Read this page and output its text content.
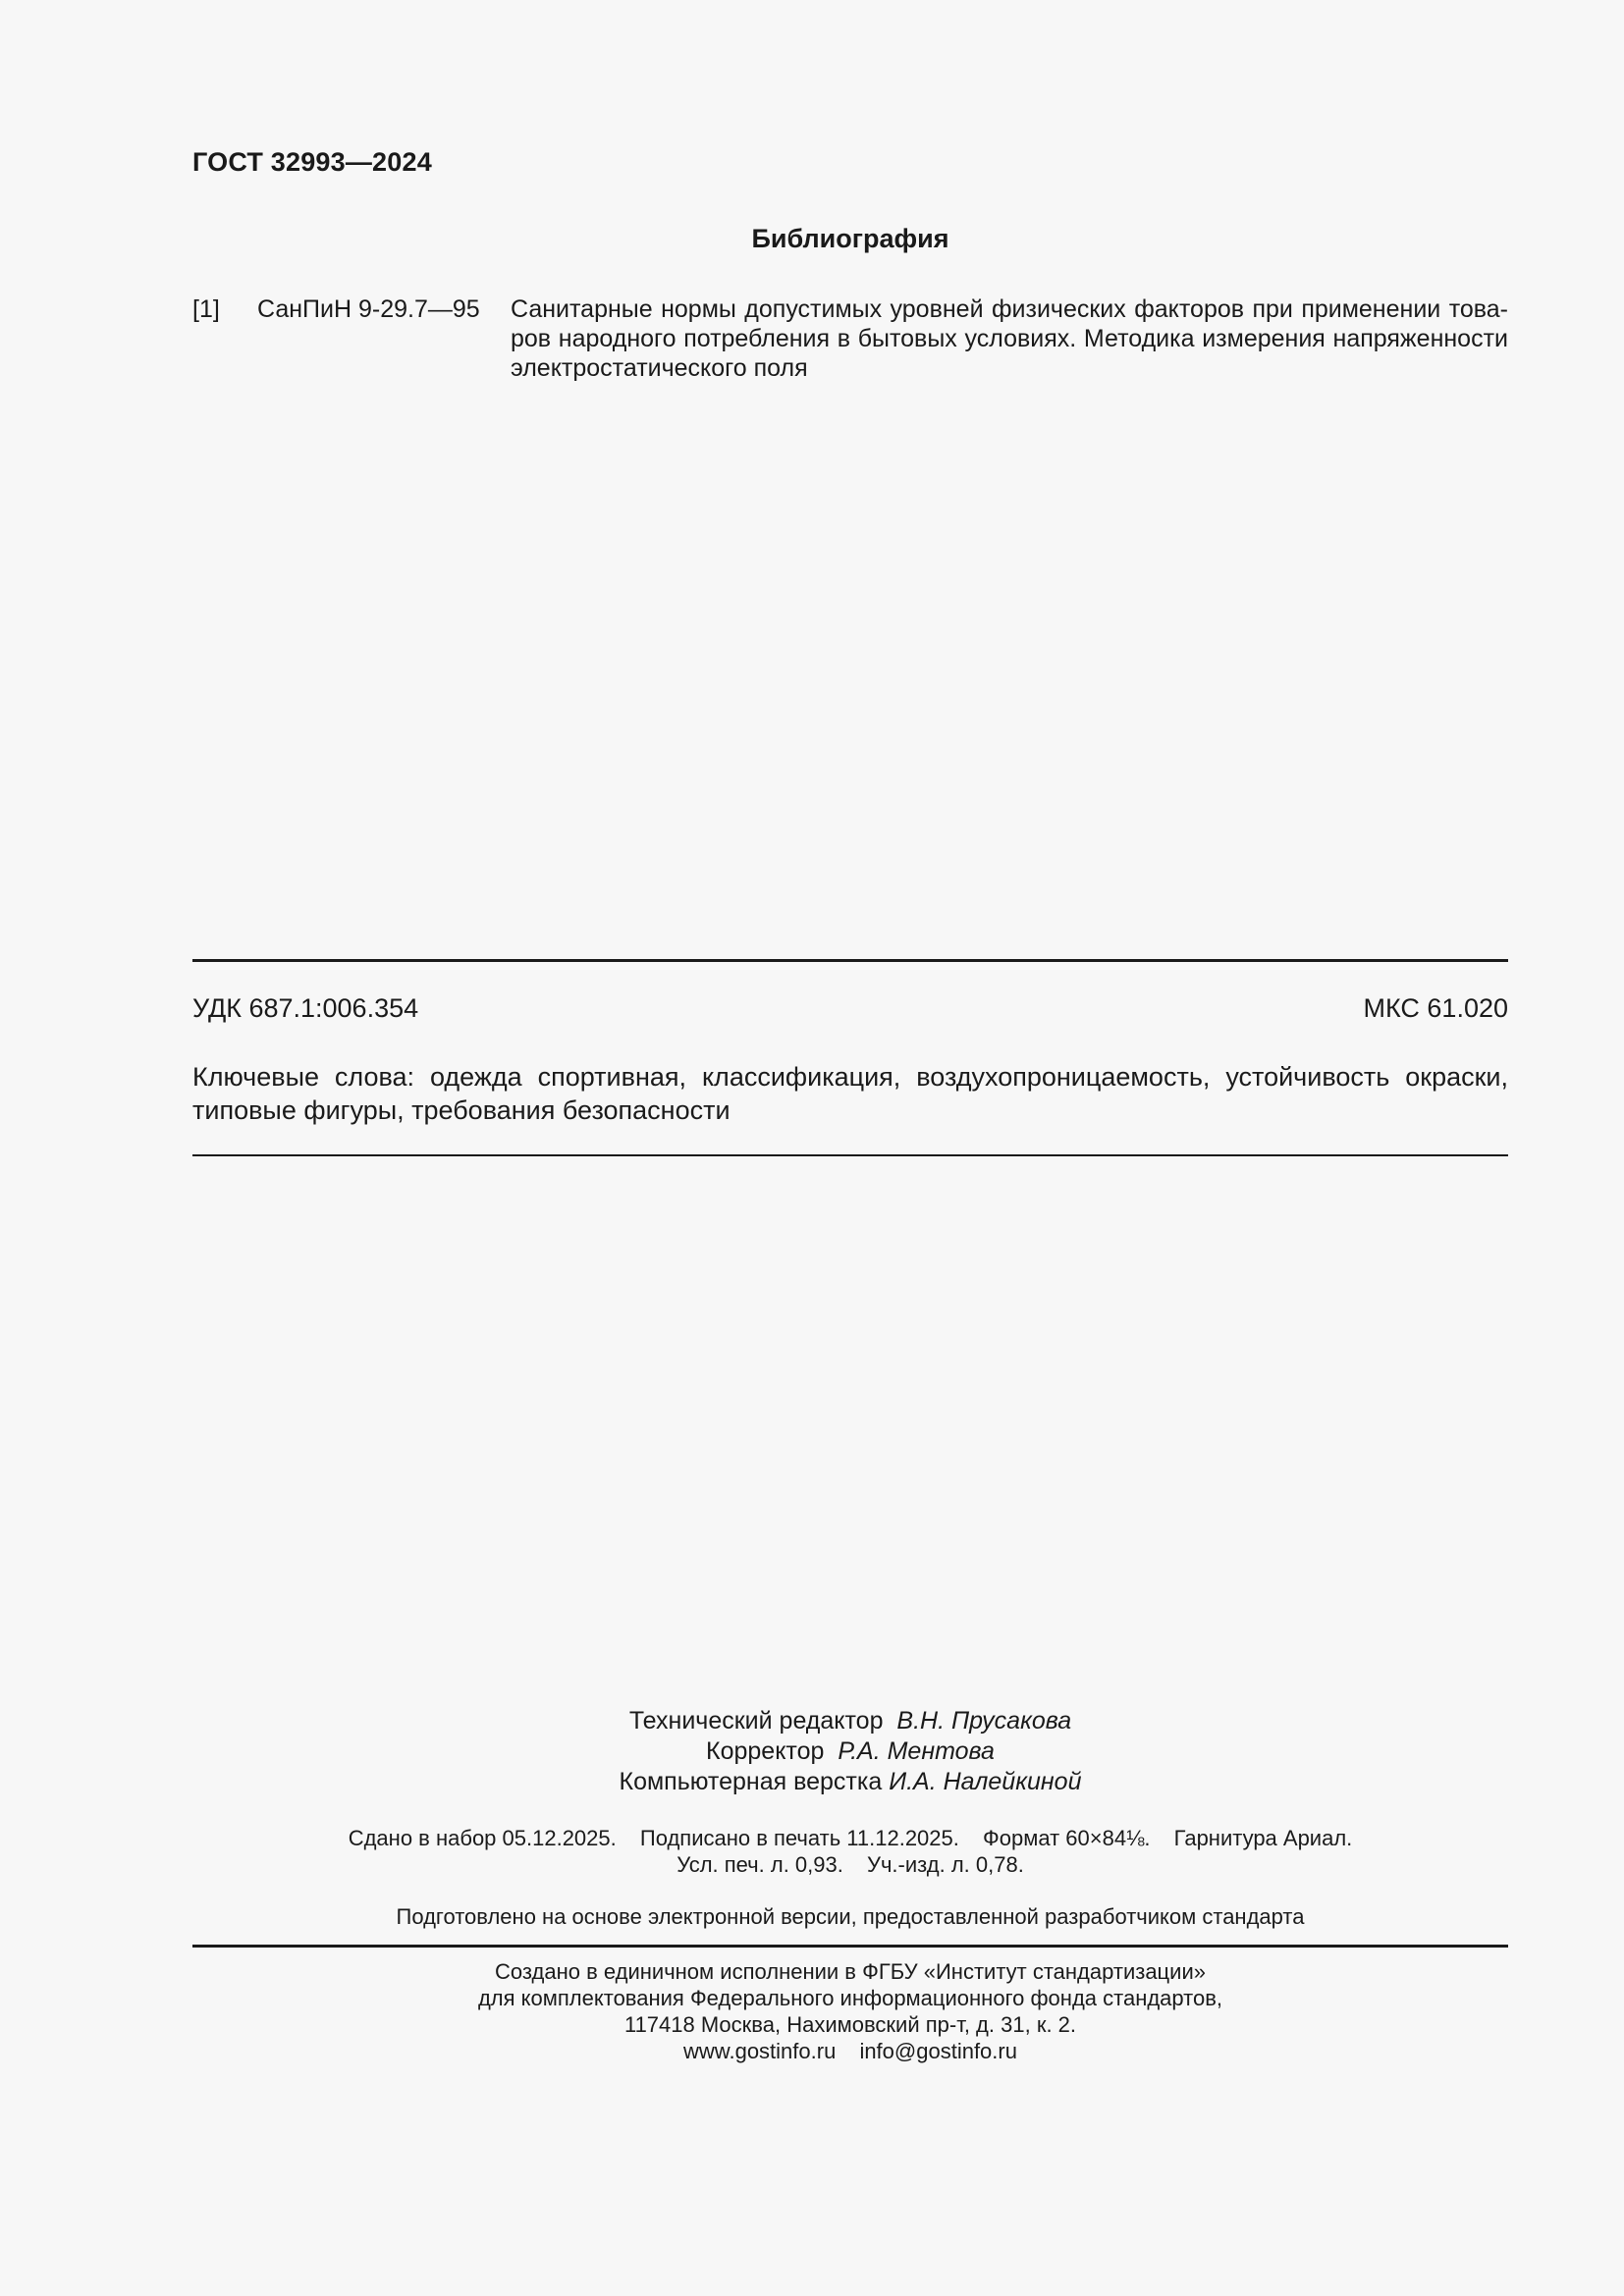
ГОСТ 32993—2024
Библиография
[1] СанПиН 9-29.7—95 Санитарные нормы допустимых уровней физических факторов при применении това-ров народного потребления в бытовых условиях. Методика измерения напряженности электростатического поля
УДК 687.1:006.354	МКС 61.020
Ключевые слова: одежда спортивная, классификация, воздухопроницаемость, устойчивость окраски, типовые фигуры, требования безопасности
Технический редактор В.Н. Прусакова
Корректор Р.А. Ментова
Компьютерная верстка И.А. Налейкиной
Сдано в набор 05.12.2025. Подписано в печать 11.12.2025. Формат 60×84⅛. Гарнитура Ариал.
Усл. печ. л. 0,93. Уч.-изд. л. 0,78.
Подготовлено на основе электронной версии, предоставленной разработчиком стандарта
Создано в единичном исполнении в ФГБУ «Институт стандартизации»
для комплектования Федерального информационного фонда стандартов,
117418 Москва, Нахимовский пр-т, д. 31, к. 2.
www.gostinfo.ru info@gostinfo.ru
